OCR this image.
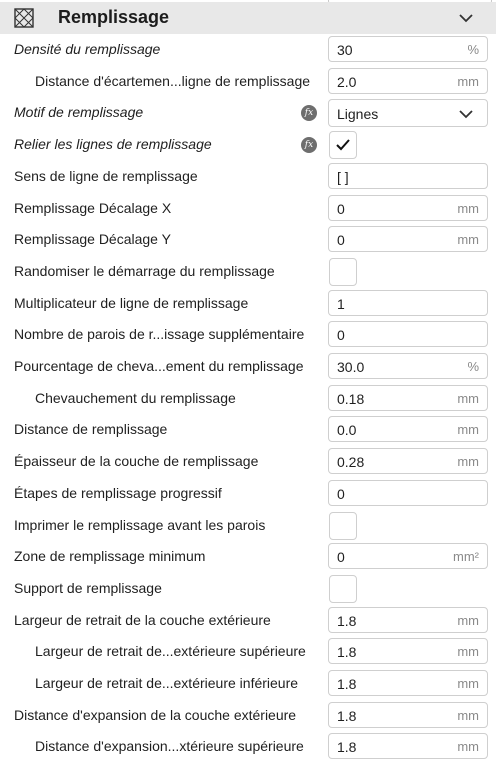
Remplissage
Densité du remplissage	30	%
Distance d'écartemen...ligne de remplissage 2.0	mm
Motif de remplissage	fx Lignes
Relier les lignes de remplissage	fx
Sens de ligne de remplissage	[ ]
Remplissage Décalage X	0	mm
Remplissage Décalage Y	0	mm
Randomiser le démarrage du remplissage
Multiplicateur de ligne de remplissage	1
Nombre de parois de r...issage supplémentaire 0
Pourcentage de cheva...ement du remplissage 30.0	%
Chevauchement du remplissage	0.18	mm
Distance de remplissage	0.0	mm
Épaisseur de la couche de remplissage	0.28	mm
Étapes de remplissage progressif	0
Imprimer le remplissage avant les parois
Zone de remplissage minimum	0	mm²
Support de remplissage
Largeur de retrait de la couche extérieure	1.8	mm
Largeur de retrait de...extérieure supérieure 1.8	mm
Largeur de retrait de...extérieure inférieure	1.8	mm
Distance d'expansion de la couche extérieure	1.8	mm
Distance d'expansion...xtérieure supérieure 1.8	mm
